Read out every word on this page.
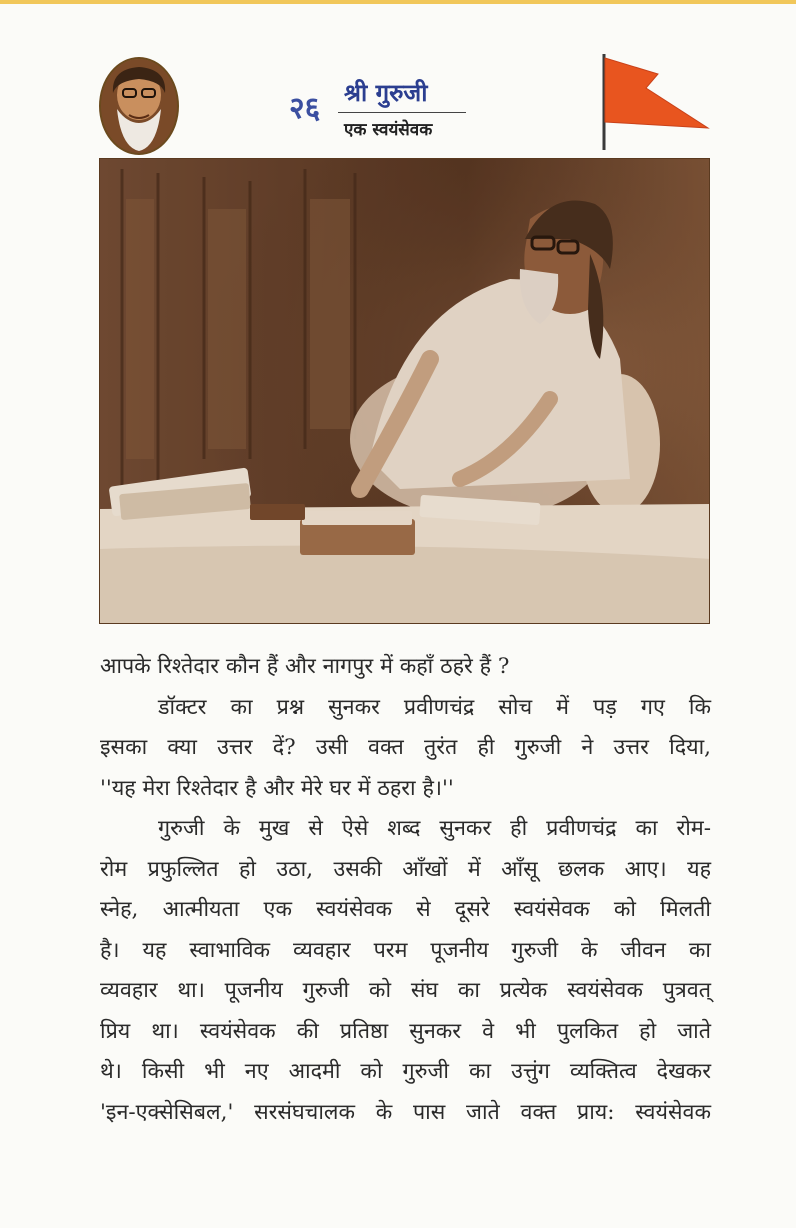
२६ श्री गुरुजी
एक स्वयंसेवक

आपके रिश्तेदार कौन हैं और नागपुर में कहाँ ठहरे हैं ?

डॉक्टर का प्रश्न सुनकर प्रवीणचंद्र सोच में पड़ गए कि

इसका क्या उत्तर दें? उसी वक्त तुरंत ही गुरुजी ने उत्तर दिया,

''यह मेरा रिश्तेदार है और मेरे घर में ठहरा है।''

गुरुजी के मुख से ऐसे शब्द सुनकर ही प्रवीणचंद्र का रोम-

रोम प्रफुल्लित हो उठा, उसकी आँखों में आँसू छलक आए। यह

स्नेह, आत्मीयता एक स्वयंसेवक से दूसरे स्वयंसेवक को मिलती

है। यह स्वाभाविक व्यवहार परम पूजनीय गुरुजी के जीवन का

व्यवहार था। पूजनीय गुरुजी को संघ का प्रत्येक स्वयंसेवक पुत्रवत्

प्रिय था। स्वयंसेवक की प्रतिष्ठा सुनकर वे भी पुलकित हो जाते

थे। किसी भी नए आदमी को गुरुजी का उत्तुंग व्यक्तित्व देखकर

'इन-एक्सेसिबल,' सरसंघचालक के पास जाते वक्त प्राय: स्वयंसेवक
